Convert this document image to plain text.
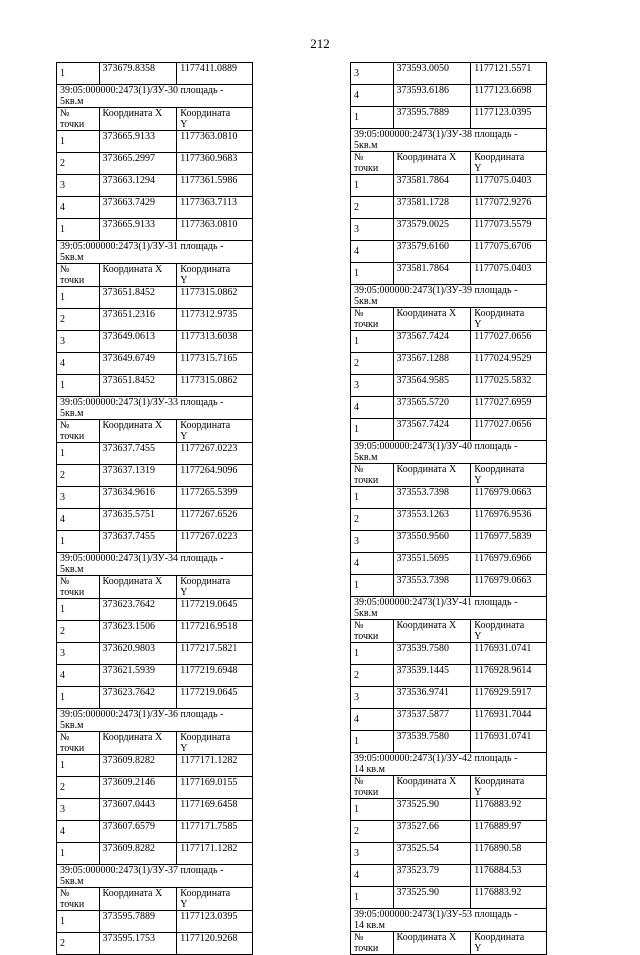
212
1	373679.8358	1177411.0889
39:05:000000:2473(1)/ЗУ-30 площадь -
5кв.м		
№
точки	Координата X	Координата
Y
1	373665.9133	1177363.0810
2	373665.2997	1177360.9683
3	373663.1294	1177361.5986
4	373663.7429	1177363.7113
1	373665.9133	1177363.0810
39:05:000000:2473(1)/ЗУ-31 площадь -
5кв.м		
№
точки	Координата X	Координата
Y
1	373651.8452	1177315.0862
2	373651.2316	1177312.9735
3	373649.0613	1177313.6038
4	373649.6749	1177315.7165
1	373651.8452	1177315.0862
39:05:000000:2473(1)/ЗУ-33 площадь -
5кв.м		
№
точки	Координата X	Координата
Y
1	373637.7455	1177267.0223
2	373637.1319	1177264.9096
3	373634.9616	1177265.5399
4	373635.5751	1177267.6526
1	373637.7455	1177267.0223
39:05:000000:2473(1)/ЗУ-34 площадь -
5кв.м		
№
точки	Координата X	Координата
Y
1	373623.7642	1177219.0645
2	373623.1506	1177216.9518
3	373620.9803	1177217.5821
4	373621.5939	1177219.6948
1	373623.7642	1177219.0645
39:05:000000:2473(1)/ЗУ-36 площадь -
5кв.м		
№
точки	Координата X	Координата
Y
1	373609.8282	1177171.1282
2	373609.2146	1177169.0155
3	373607.0443	1177169.6458
4	373607.6579	1177171.7585
1	373609.8282	1177171.1282
39:05:000000:2473(1)/ЗУ-37 площадь -
5кв.м		
№
точки	Координата X	Координата
Y
1	373595.7889	1177123.0395
2	373595.1753	1177120.9268
3	373593.0050	1177121.5571
4	373593.6186	1177123.6698
1	373595.7889	1177123.0395
39:05:000000:2473(1)/ЗУ-38 площадь -
5кв.м		
№
точки	Координата X	Координата
Y
1	373581.7864	1177075.0403
2	373581.1728	1177072.9276
3	373579.0025	1177073.5579
4	373579.6160	1177075.6706
1	373581.7864	1177075.0403
39:05:000000:2473(1)/ЗУ-39 площадь -
5кв.м		
№
точки	Координата X	Координата
Y
1	373567.7424	1177027.0656
2	373567.1288	1177024.9529
3	373564.9585	1177025.5832
4	373565.5720	1177027.6959
1	373567.7424	1177027.0656
39:05:000000:2473(1)/ЗУ-40 площадь -
5кв.м		
№
точки	Координата X	Координата
Y
1	373553.7398	1176979.0663
2	373553.1263	1176976.9536
3	373550.9560	1176977.5839
4	373551.5695	1176979.6966
1	373553.7398	1176979.0663
39:05:000000:2473(1)/ЗУ-41 площадь -
5кв.м		
№
точки	Координата X	Координата
Y
1	373539.7580	1176931.0741
2	373539.1445	1176928.9614
3	373536.9741	1176929.5917
4	373537.5877	1176931.7044
1	373539.7580	1176931.0741
39:05:000000:2473(1)/ЗУ-42 площадь -
14 кв.м		
№
точки	Координата X	Координата
Y
1	373525.90	1176883.92
2	373527.66	1176889.97
3	373525.54	1176890.58
4	373523.79	1176884.53
1	373525.90	1176883.92
39:05:000000:2473(1)/ЗУ-53 площадь -
14 кв.м		
№
точки	Координата X	Координата
Y
